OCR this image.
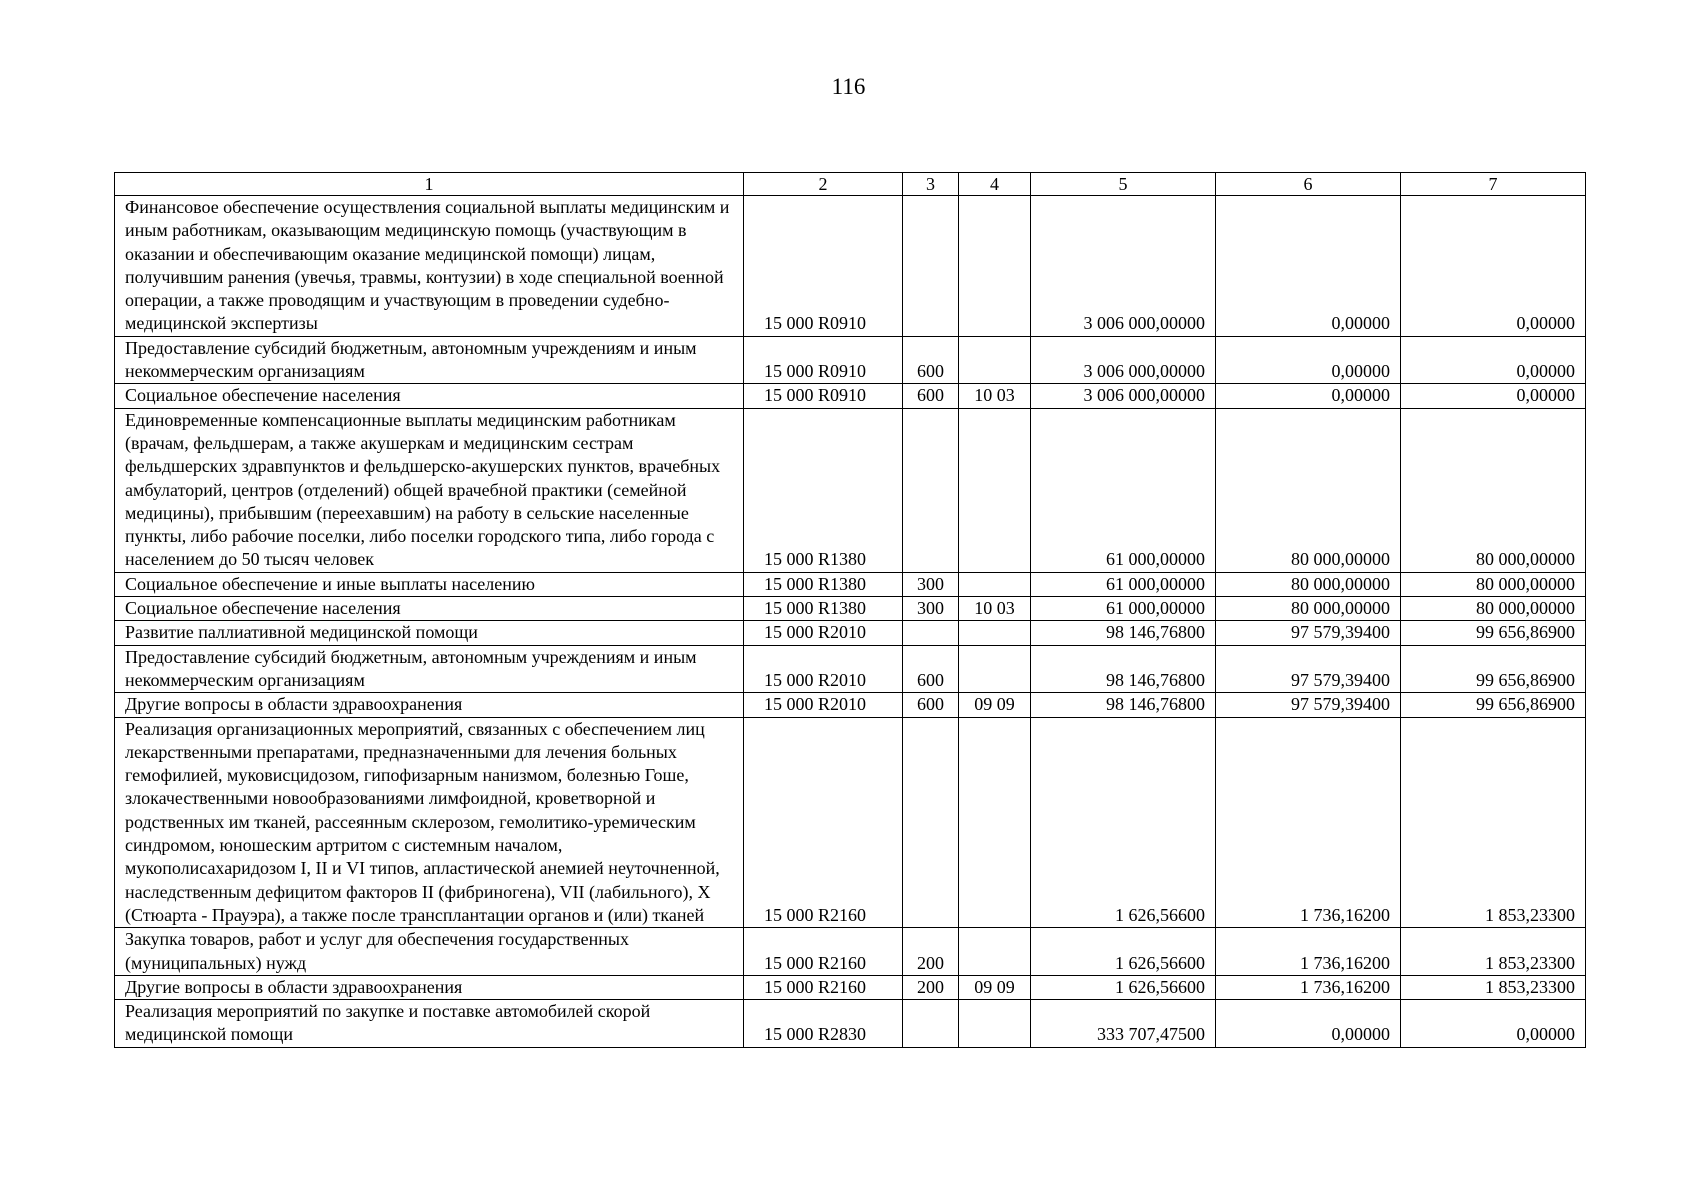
116
1	2	3	4	5	6	7
Финансовое обеспечение осуществления социальной выплаты медицинским и иным работникам, оказывающим медицинскую помощь (участвующим в оказании и обеспечивающим оказание медицинской помощи) лицам, получившим ранения (увечья, травмы, контузии) в ходе специальной военной операции, а также проводящим и участвующим в проведении судебно-медицинской экспертизы	15 000 R0910			3 006 000,00000	0,00000	0,00000
Предоставление субсидий бюджетным, автономным учреждениям и иным некоммерческим организациям	15 000 R0910	600		3 006 000,00000	0,00000	0,00000
Социальное обеспечение населения	15 000 R0910	600	10 03	3 006 000,00000	0,00000	0,00000
Единовременные компенсационные выплаты медицинским работникам (врачам, фельдшерам, а также акушеркам и медицинским сестрам фельдшерских здравпунктов и фельдшерско-акушерских пунктов, врачебных амбулаторий, центров (отделений) общей врачебной практики (семейной медицины), прибывшим (переехавшим) на работу в сельские населенные пункты, либо рабочие поселки, либо поселки городского типа, либо города с населением до 50 тысяч человек	15 000 R1380			61 000,00000	80 000,00000	80 000,00000
Социальное обеспечение и иные выплаты населению	15 000 R1380	300		61 000,00000	80 000,00000	80 000,00000
Социальное обеспечение населения	15 000 R1380	300	10 03	61 000,00000	80 000,00000	80 000,00000
Развитие паллиативной медицинской помощи	15 000 R2010			98 146,76800	97 579,39400	99 656,86900
Предоставление субсидий бюджетным, автономным учреждениям и иным некоммерческим организациям	15 000 R2010	600		98 146,76800	97 579,39400	99 656,86900
Другие вопросы в области здравоохранения	15 000 R2010	600	09 09	98 146,76800	97 579,39400	99 656,86900
Реализация организационных мероприятий, связанных с обеспечением лиц лекарственными препаратами, предназначенными для лечения больных гемофилией, муковисцидозом, гипофизарным нанизмом, болезнью Гоше, злокачественными новообразованиями лимфоидной, кроветворной и родственных им тканей, рассеянным склерозом, гемолитико-уремическим синдромом, юношеским артритом с системным началом, мукополисахаридозом I, II и VI типов, апластической анемией неуточненной, наследственным дефицитом факторов II (фибриногена), VII (лабильного), X (Стюарта - Прауэра), а также после трансплантации органов и (или) тканей	15 000 R2160			1 626,56600	1 736,16200	1 853,23300
Закупка товаров, работ и услуг для обеспечения государственных (муниципальных) нужд	15 000 R2160	200		1 626,56600	1 736,16200	1 853,23300
Другие вопросы в области здравоохранения	15 000 R2160	200	09 09	1 626,56600	1 736,16200	1 853,23300
Реализация мероприятий по закупке и поставке автомобилей скорой медицинской помощи	15 000 R2830			333 707,47500	0,00000	0,00000
